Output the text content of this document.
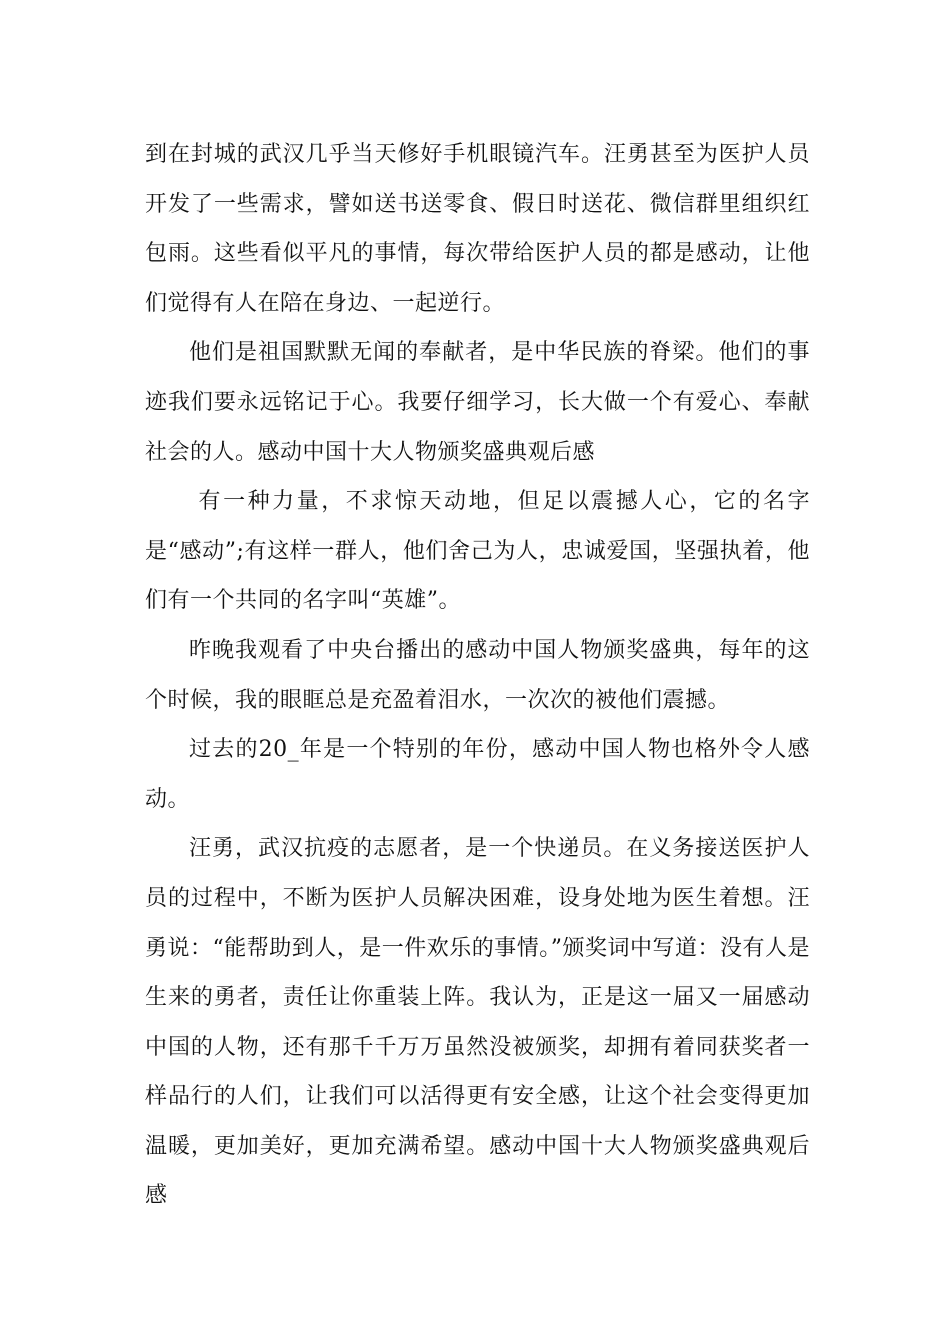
到在封城的武汉几乎当天修好手机眼镜汽车。汪勇甚至为医护人员开发了一些需求，譬如送书送零食、假日时送花、微信群里组织红包雨。这些看似平凡的事情，每次带给医护人员的都是感动，让他们觉得有人在陪在身边、一起逆行。

他们是祖国默默无闻的奉献者，是中华民族的脊梁。他们的事迹我们要永远铭记于心。我要仔细学习，长大做一个有爱心、奉献社会的人。感动中国十大人物颁奖盛典观后感

有一种力量，不求惊天动地，但足以震撼人心，它的名字是“感动”;有这样一群人，他们舍己为人，忠诚爱国，坚强执着，他们有一个共同的名字叫“英雄”。

昨晚我观看了中央台播出的感动中国人物颁奖盛典，每年的这个时候，我的眼眶总是充盈着泪水，一次次的被他们震撼。

过去的20_年是一个特别的年份，感动中国人物也格外令人感动。

汪勇，武汉抗疫的志愿者，是一个快递员。在义务接送医护人员的过程中，不断为医护人员解决困难，设身处地为医生着想。汪勇说：“能帮助到人，是一件欢乐的事情。”颁奖词中写道：没有人是生来的勇者，责任让你重装上阵。我认为，正是这一届又一届感动中国的人物，还有那千千万万虽然没被颁奖，却拥有着同获奖者一样品行的人们，让我们可以活得更有安全感，让这个社会变得更加温暖，更加美好，更加充满希望。感动中国十大人物颁奖盛典观后感
